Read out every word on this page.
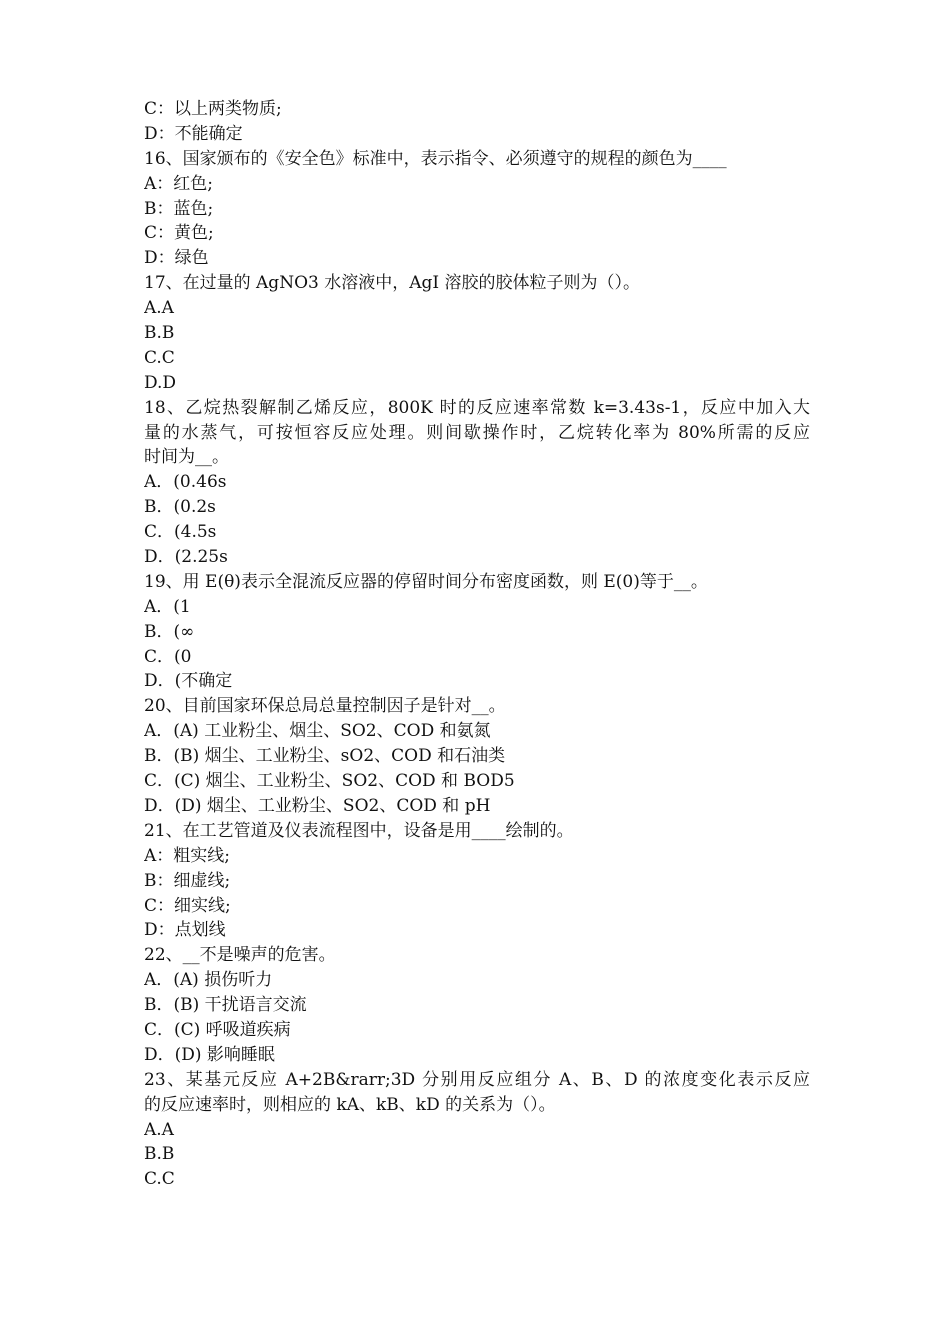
C：以上两类物质;
D：不能确定
16、国家颁布的《安全色》标准中，表示指令、必须遵守的规程的颜色为____
A：红色;
B：蓝色;
C：黄色;
D：绿色
17、在过量的 AgNO3 水溶液中，AgI 溶胶的胶体粒子则为（）。
A.A
B.B
C.C
D.D
18、乙烷热裂解制乙烯反应，800K 时的反应速率常数 k=3.43s-1，反应中加入大
量的水蒸气，可按恒容反应处理。则间歇操作时，乙烷转化率为 80%所需的反应
时间为__。
A．(0.46s
B．(0.2s
C．(4.5s
D．(2.25s
19、用 E(θ)表示全混流反应器的停留时间分布密度函数，则 E(0)等于__。
A．(1
B．(∞
C．(0
D．(不确定
20、目前国家环保总局总量控制因子是针对__。
A．(A) 工业粉尘、烟尘、SO2、COD 和氨氮
B．(B) 烟尘、工业粉尘、sO2、COD 和石油类
C．(C) 烟尘、工业粉尘、SO2、COD 和 BOD5
D．(D) 烟尘、工业粉尘、SO2、COD 和 pH
21、在工艺管道及仪表流程图中，设备是用____绘制的。
A：粗实线;
B：细虚线;
C：细实线;
D：点划线
22、__不是噪声的危害。
A．(A) 损伤听力
B．(B) 干扰语言交流
C．(C) 呼吸道疾病
D．(D) 影响睡眠
23、某基元反应 A+2B&rarr;3D 分别用反应组分 A、B、D 的浓度变化表示反应
的反应速率时，则相应的 kA、kB、kD 的关系为（）。
A.A
B.B
C.C
